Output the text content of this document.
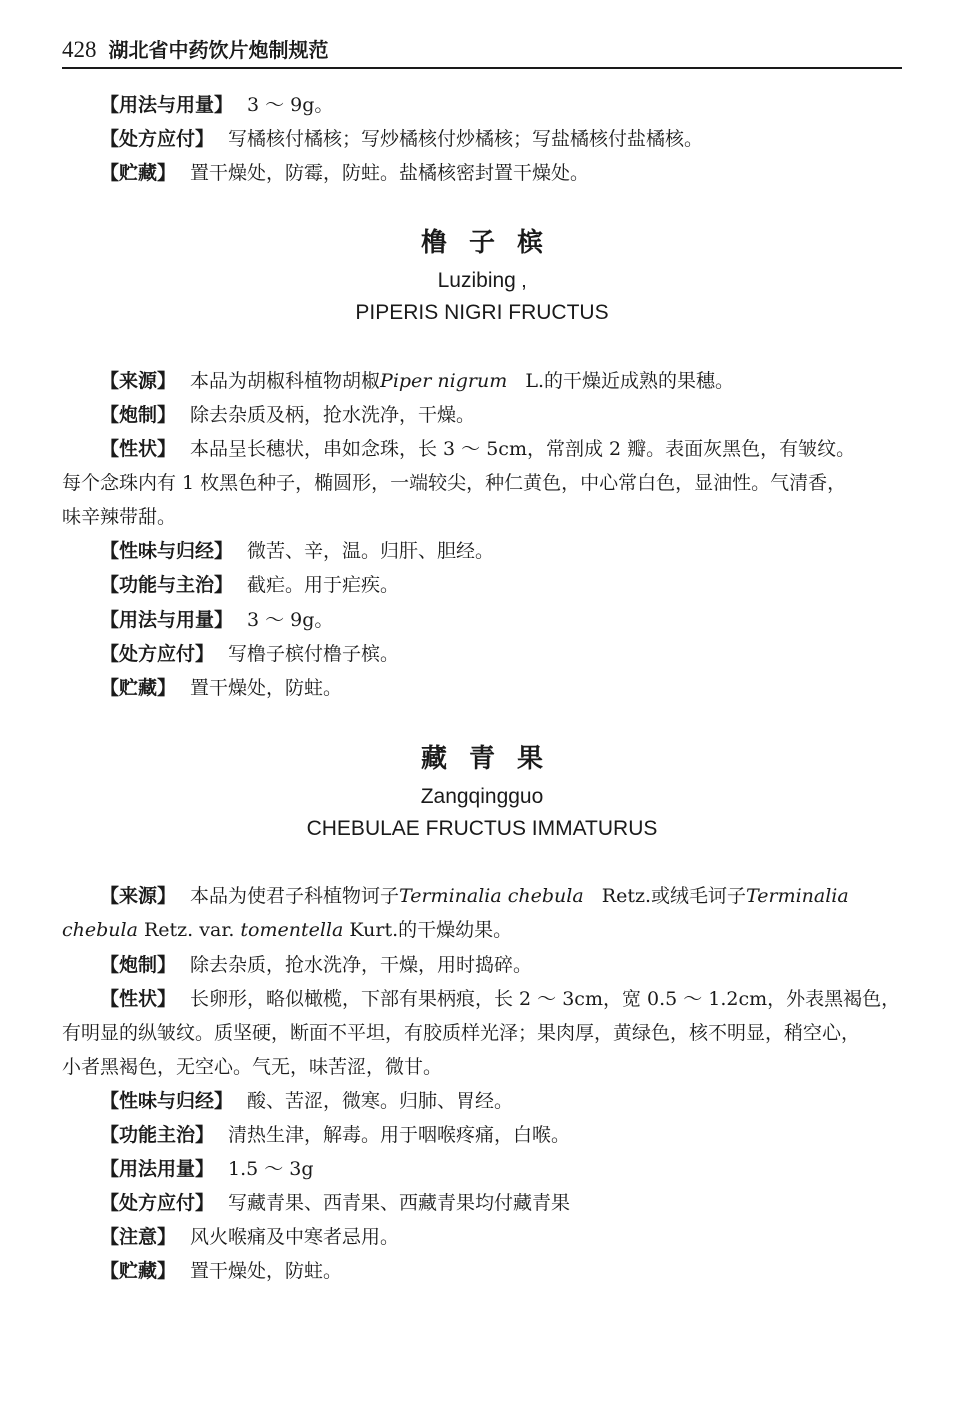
428 湖北省中药饮片炮制规范
【用法与用量】 3 ～ 9g。
【处方应付】 写橘核付橘核；写炒橘核付炒橘核；写盐橘核付盐橘核。
【贮藏】 置干燥处，防霉，防蛀。盐橘核密封置干燥处。
橹子槟
Luzibing ‚
PIPERIS NIGRI FRUCTUS
【来源】 本品为胡椒科植物胡椒Piper nigrum L.的干燥近成熟的果穗。
【炮制】 除去杂质及柄，抢水洗净，干燥。
【性状】 本品呈长穗状，串如念珠，长 3 ～ 5cm，常剖成 2 瓣。表面灰黑色，有皱纹。
每个念珠内有 1 枚黑色种子，椭圆形，一端较尖，种仁黄色，中心常白色，显油性。气清香，
味辛辣带甜。
【性味与归经】 微苦、辛，温。归肝、胆经。
【功能与主治】 截疟。用于疟疾。
【用法与用量】 3 ～ 9g。
【处方应付】 写橹子槟付橹子槟。
【贮藏】 置干燥处，防蛀。
藏青果
Zangqingguo
CHEBULAE FRUCTUS IMMATURUS
【来源】 本品为使君子科植物诃子Terminalia chebula Retz.或绒毛诃子Terminalia
chebula Retz. var. tomentella Kurt.的干燥幼果。
【炮制】 除去杂质，抢水洗净，干燥，用时捣碎。
【性状】 长卵形，略似橄榄，下部有果柄痕，长 2 ～ 3cm，宽 0.5 ～ 1.2cm，外表黑褐色，
有明显的纵皱纹。质坚硬，断面不平坦，有胶质样光泽；果肉厚，黄绿色，核不明显，稍空心，
小者黑褐色，无空心。气无，味苦涩，微甘。
【性味与归经】 酸、苦涩，微寒。归肺、胃经。
【功能主治】 清热生津，解毒。用于咽喉疼痛，白喉。
【用法用量】 1.5 ～ 3g
【处方应付】 写藏青果、西青果、西藏青果均付藏青果
【注意】 风火喉痛及中寒者忌用。
【贮藏】 置干燥处，防蛀。
